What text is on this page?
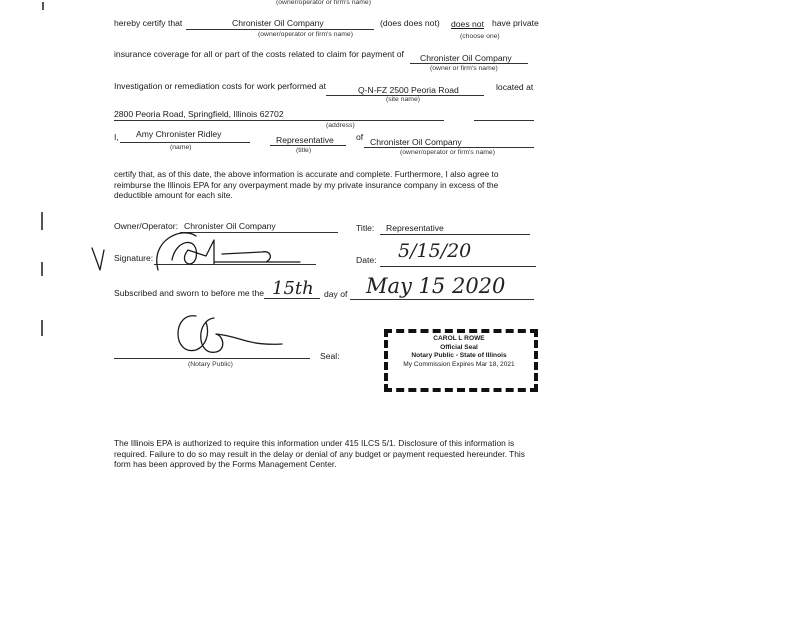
(owner/operator or firm's name)
hereby certify that	Chronister Oil Company	(does does not) does not have private
(owner/operator or firm's name)	(choose one)
insurance coverage for all or part of the costs related to claim for payment of Chronister Oil Company
(owner or firm's name)
Investigation or remediation costs for work performed at	Q-N-FZ 2500 Peoria Road	located at
(site name)
2800 Peoria Road, Springfield, Illinois 62702
(address)
I, Amy Chronister Ridley
Representative	of Chronister Oil Company
(name)	(title)	(owner/operator or firm's name)
certify that, as of this date, the above information is accurate and complete. Furthermore, I also agree to reimburse the Illinois EPA for any overpayment made by my private insurance company in excess of the deductible amount for each site.
Owner/Operator: Chronister Oil Company	Title: Representative
Signature:	Date: 5/15/20
Subscribed and sworn to before me the 15th day of May 15 2020
(Notary Public)
Seal:
CAROL L ROWE
Official Seal
Notary Public - State of Illinois
My Commission Expires Mar 18, 2021
The Illinois EPA is authorized to require this information under 415 ILCS 5/1. Disclosure of this information is required. Failure to do so may result in the delay or denial of any budget or payment requested hereunder. This form has been approved by the Forms Management Center.
